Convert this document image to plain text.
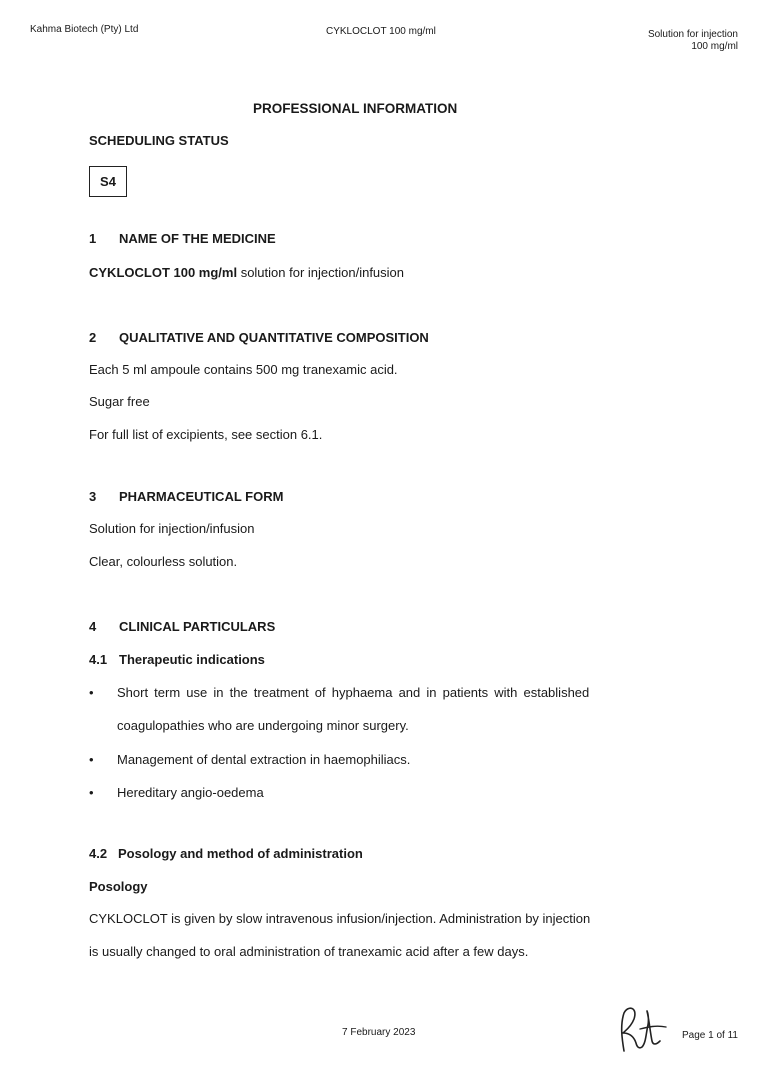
Kahma Biotech (Pty) Ltd	CYKLOCLOT 100 mg/ml	Solution for injection
100 mg/ml
PROFESSIONAL INFORMATION
SCHEDULING STATUS
S4
1 NAME OF THE MEDICINE
CYKLOCLOT 100 mg/ml solution for injection/infusion
2 QUALITATIVE AND QUANTITATIVE COMPOSITION
Each 5 ml ampoule contains 500 mg tranexamic acid.
Sugar free
For full list of excipients, see section 6.1.
3 PHARMACEUTICAL FORM
Solution for injection/infusion
Clear, colourless solution.
4 CLINICAL PARTICULARS
4.1 Therapeutic indications
• Short term use in the treatment of hyphaema and in patients with established
coagulopathies who are undergoing minor surgery.
• Management of dental extraction in haemophiliacs.
• Hereditary angio-oedema
4.2 Posology and method of administration
Posology
CYKLOCLOT is given by slow intravenous infusion/injection. Administration by injection
is usually changed to oral administration of tranexamic acid after a few days.
7 February 2023	Page 1 of 11
